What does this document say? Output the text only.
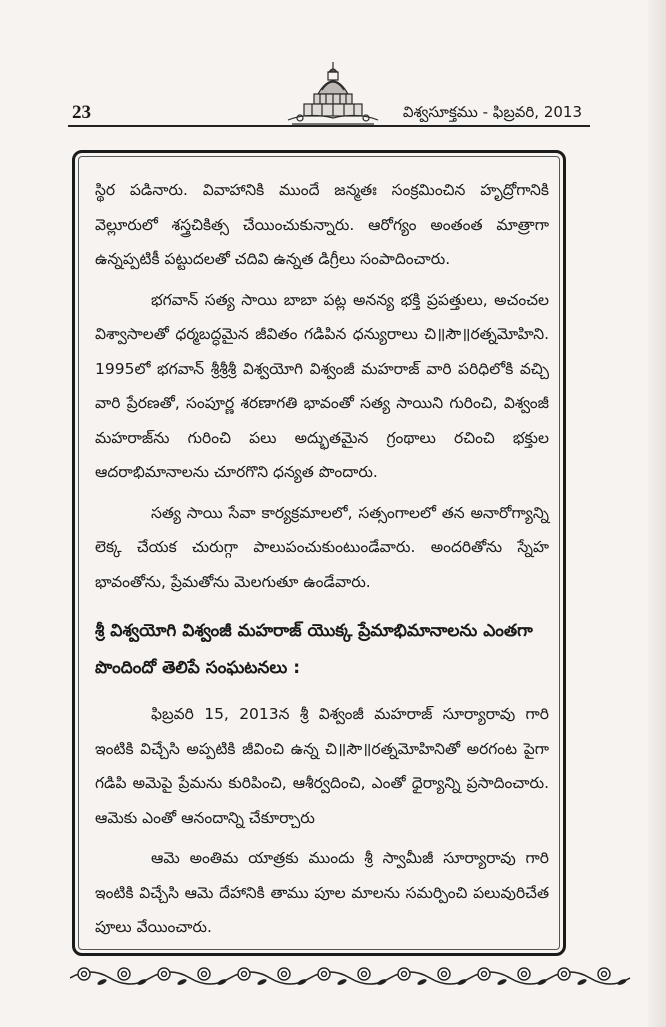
23	విశ్వసూక్తము - ఫిబ్రవరి, 2013

స్థిర పడినారు. వివాహానికి ముందే జన్మతః సంక్రమించిన హృద్రోగానికి వెల్లూరులో శస్త్రచికిత్స చేయించుకున్నారు. ఆరోగ్యం అంతంత మాత్రాగా ఉన్నప్పటికీ పట్టుదలతో చదివి ఉన్నత డిగ్రీలు సంపాదించారు.

భగవాన్ సత్య సాయి బాబా పట్ల అనన్య భక్తి ప్రపత్తులు, అచంచల విశ్వాసాలతో ధర్మబద్ధమైన జీవితం గడిపిన ధన్యురాలు చి॥సౌ॥రత్నమోహిని. 1995లో భగవాన్ శ్రీశ్రీశ్రీ విశ్వయోగి విశ్వంజీ మహరాజ్ వారి పరిధిలోకి వచ్చి వారి ప్రేరణతో, సంపూర్ణ శరణాగతి భావంతో సత్య సాయిని గురించి, విశ్వంజీ మహరాజ్‌ను గురించి పలు అద్భుతమైన గ్రంథాలు రచించి భక్తుల ఆదరాభిమానాలను చూరగొని ధన్యత పొందారు.

సత్య సాయి సేవా కార్యక్రమాలలో, సత్సంగాలలో తన అనారోగ్యాన్ని లెక్క చేయక చురుగ్గా పాలుపంచుకుంటుండేవారు. అందరితోను స్నేహ భావంతోను, ప్రేమతోను మెలగుతూ ఉండేవారు.

శ్రీ విశ్వయోగి విశ్వంజీ మహరాజ్ యొక్క ప్రేమాభిమానాలను ఎంతగా పొందిందో తెలిపే సంఘటనలు :

ఫిబ్రవరి 15, 2013న శ్రీ విశ్వంజీ మహరాజ్ సూర్యారావు గారి ఇంటికి విచ్చేసి అప్పటికి జీవించి ఉన్న చి॥సౌ॥రత్నమోహినితో అరగంట పైగా గడిపి అమెపై ప్రేమను కురిపించి, ఆశీర్వదించి, ఎంతో ధైర్యాన్ని ప్రసాదించారు. ఆమెకు ఎంతో ఆనందాన్ని చేకూర్చారు

ఆమె అంతిమ యాత్రకు ముందు శ్రీ స్వామీజీ సూర్యారావు గారి ఇంటికి విచ్చేసి ఆమె దేహానికి తాము పూల మాలను సమర్పించి పలువురిచేత పూలు వేయించారు.
